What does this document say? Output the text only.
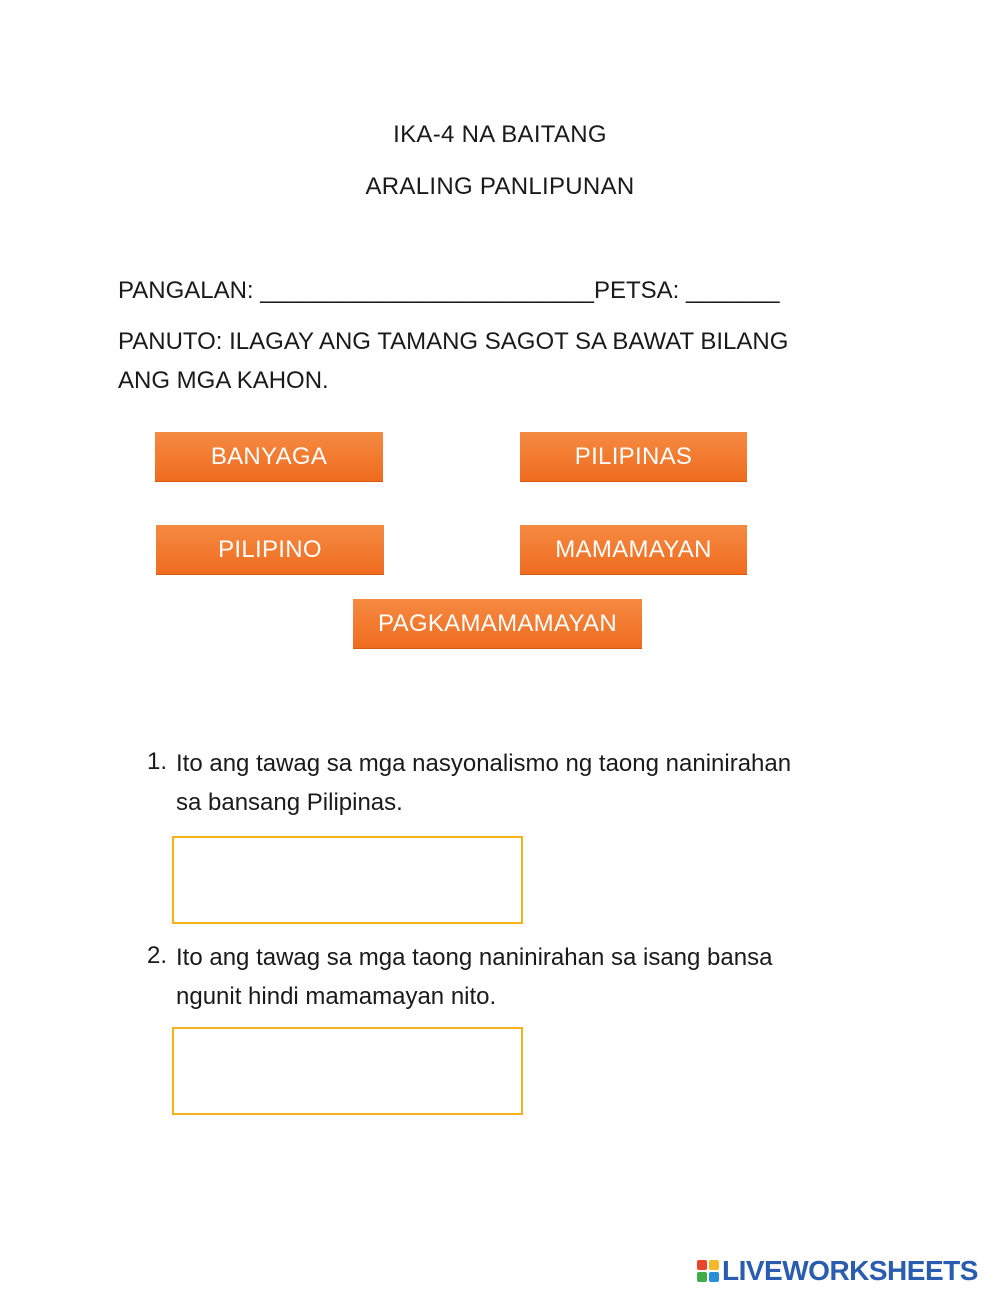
IKA-4 NA BAITANG
ARALING PANLIPUNAN
PANGALAN: _________________________PETSA: _______
PANUTO: ILAGAY ANG TAMANG SAGOT SA BAWAT BILANG
ANG MGA KAHON.
BANYAGA	PILIPINAS
PILIPINO	MAMAMAYAN
PAGKAMAMAMAYAN
1. Ito ang tawag sa mga nasyonalismo ng taong naninirahan
sa bansang Pilipinas.
2. Ito ang tawag sa mga taong naninirahan sa isang bansa
ngunit hindi mamamayan nito.
LIVEWORKSHEETS
